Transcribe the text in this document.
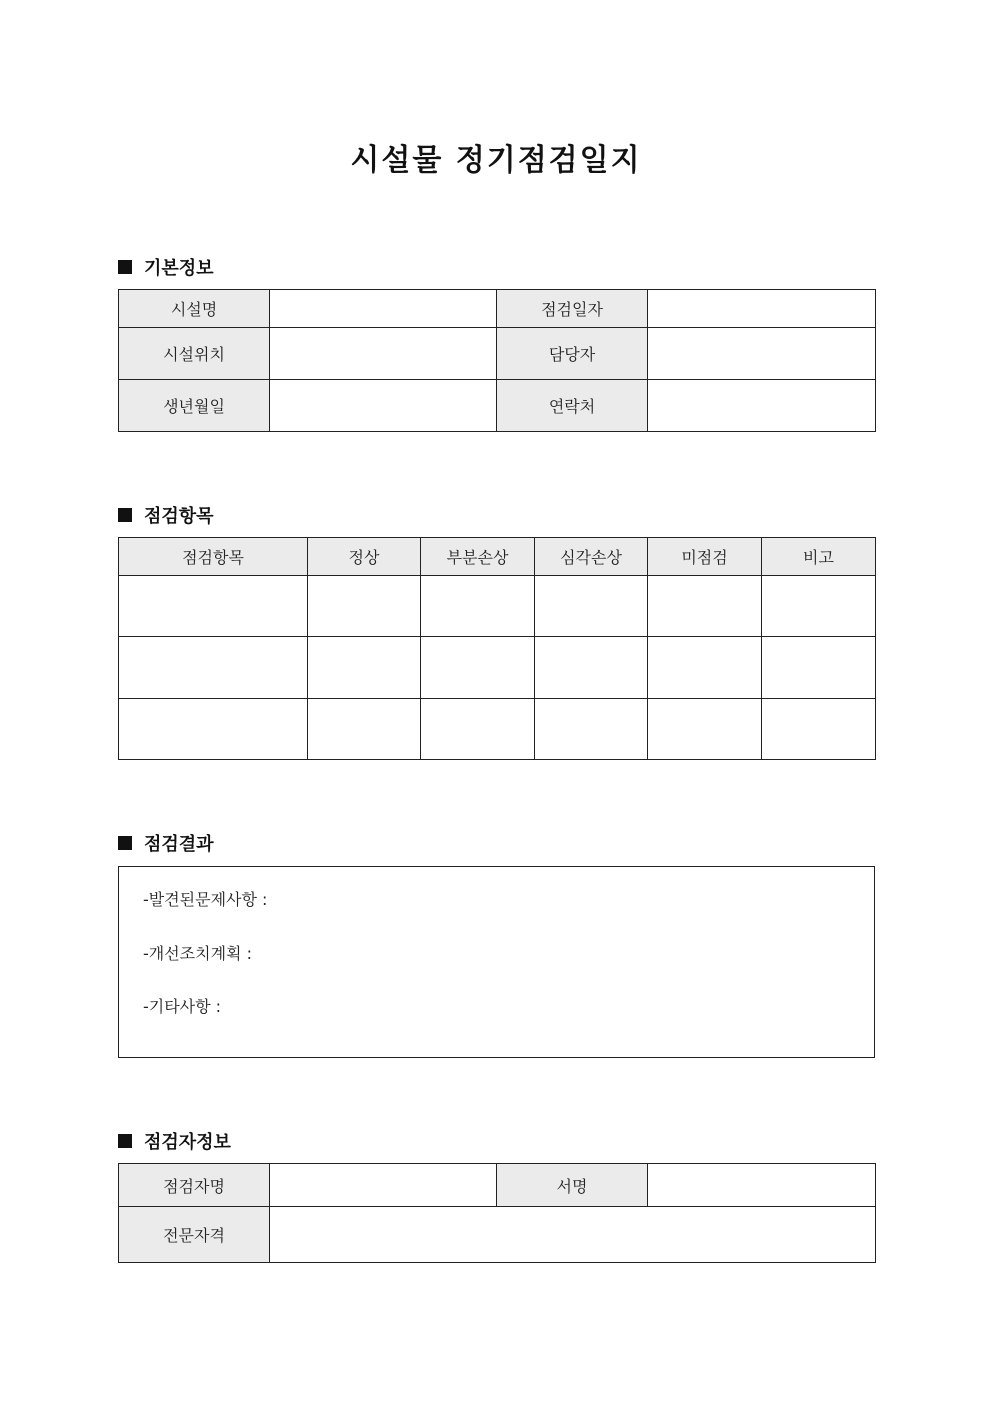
시설물 정기점검일지
기본정보
시설명		점검일자	
시설위치		담당자	
생년월일		연락처	
점검항목
점검항목	정상	부분손상	심각손상	미점검	비고

점검결과
-발견된문제사항 :
-개선조치계획 :
-기타사항 :
점검자정보
점검자명		서명	
전문자격			
